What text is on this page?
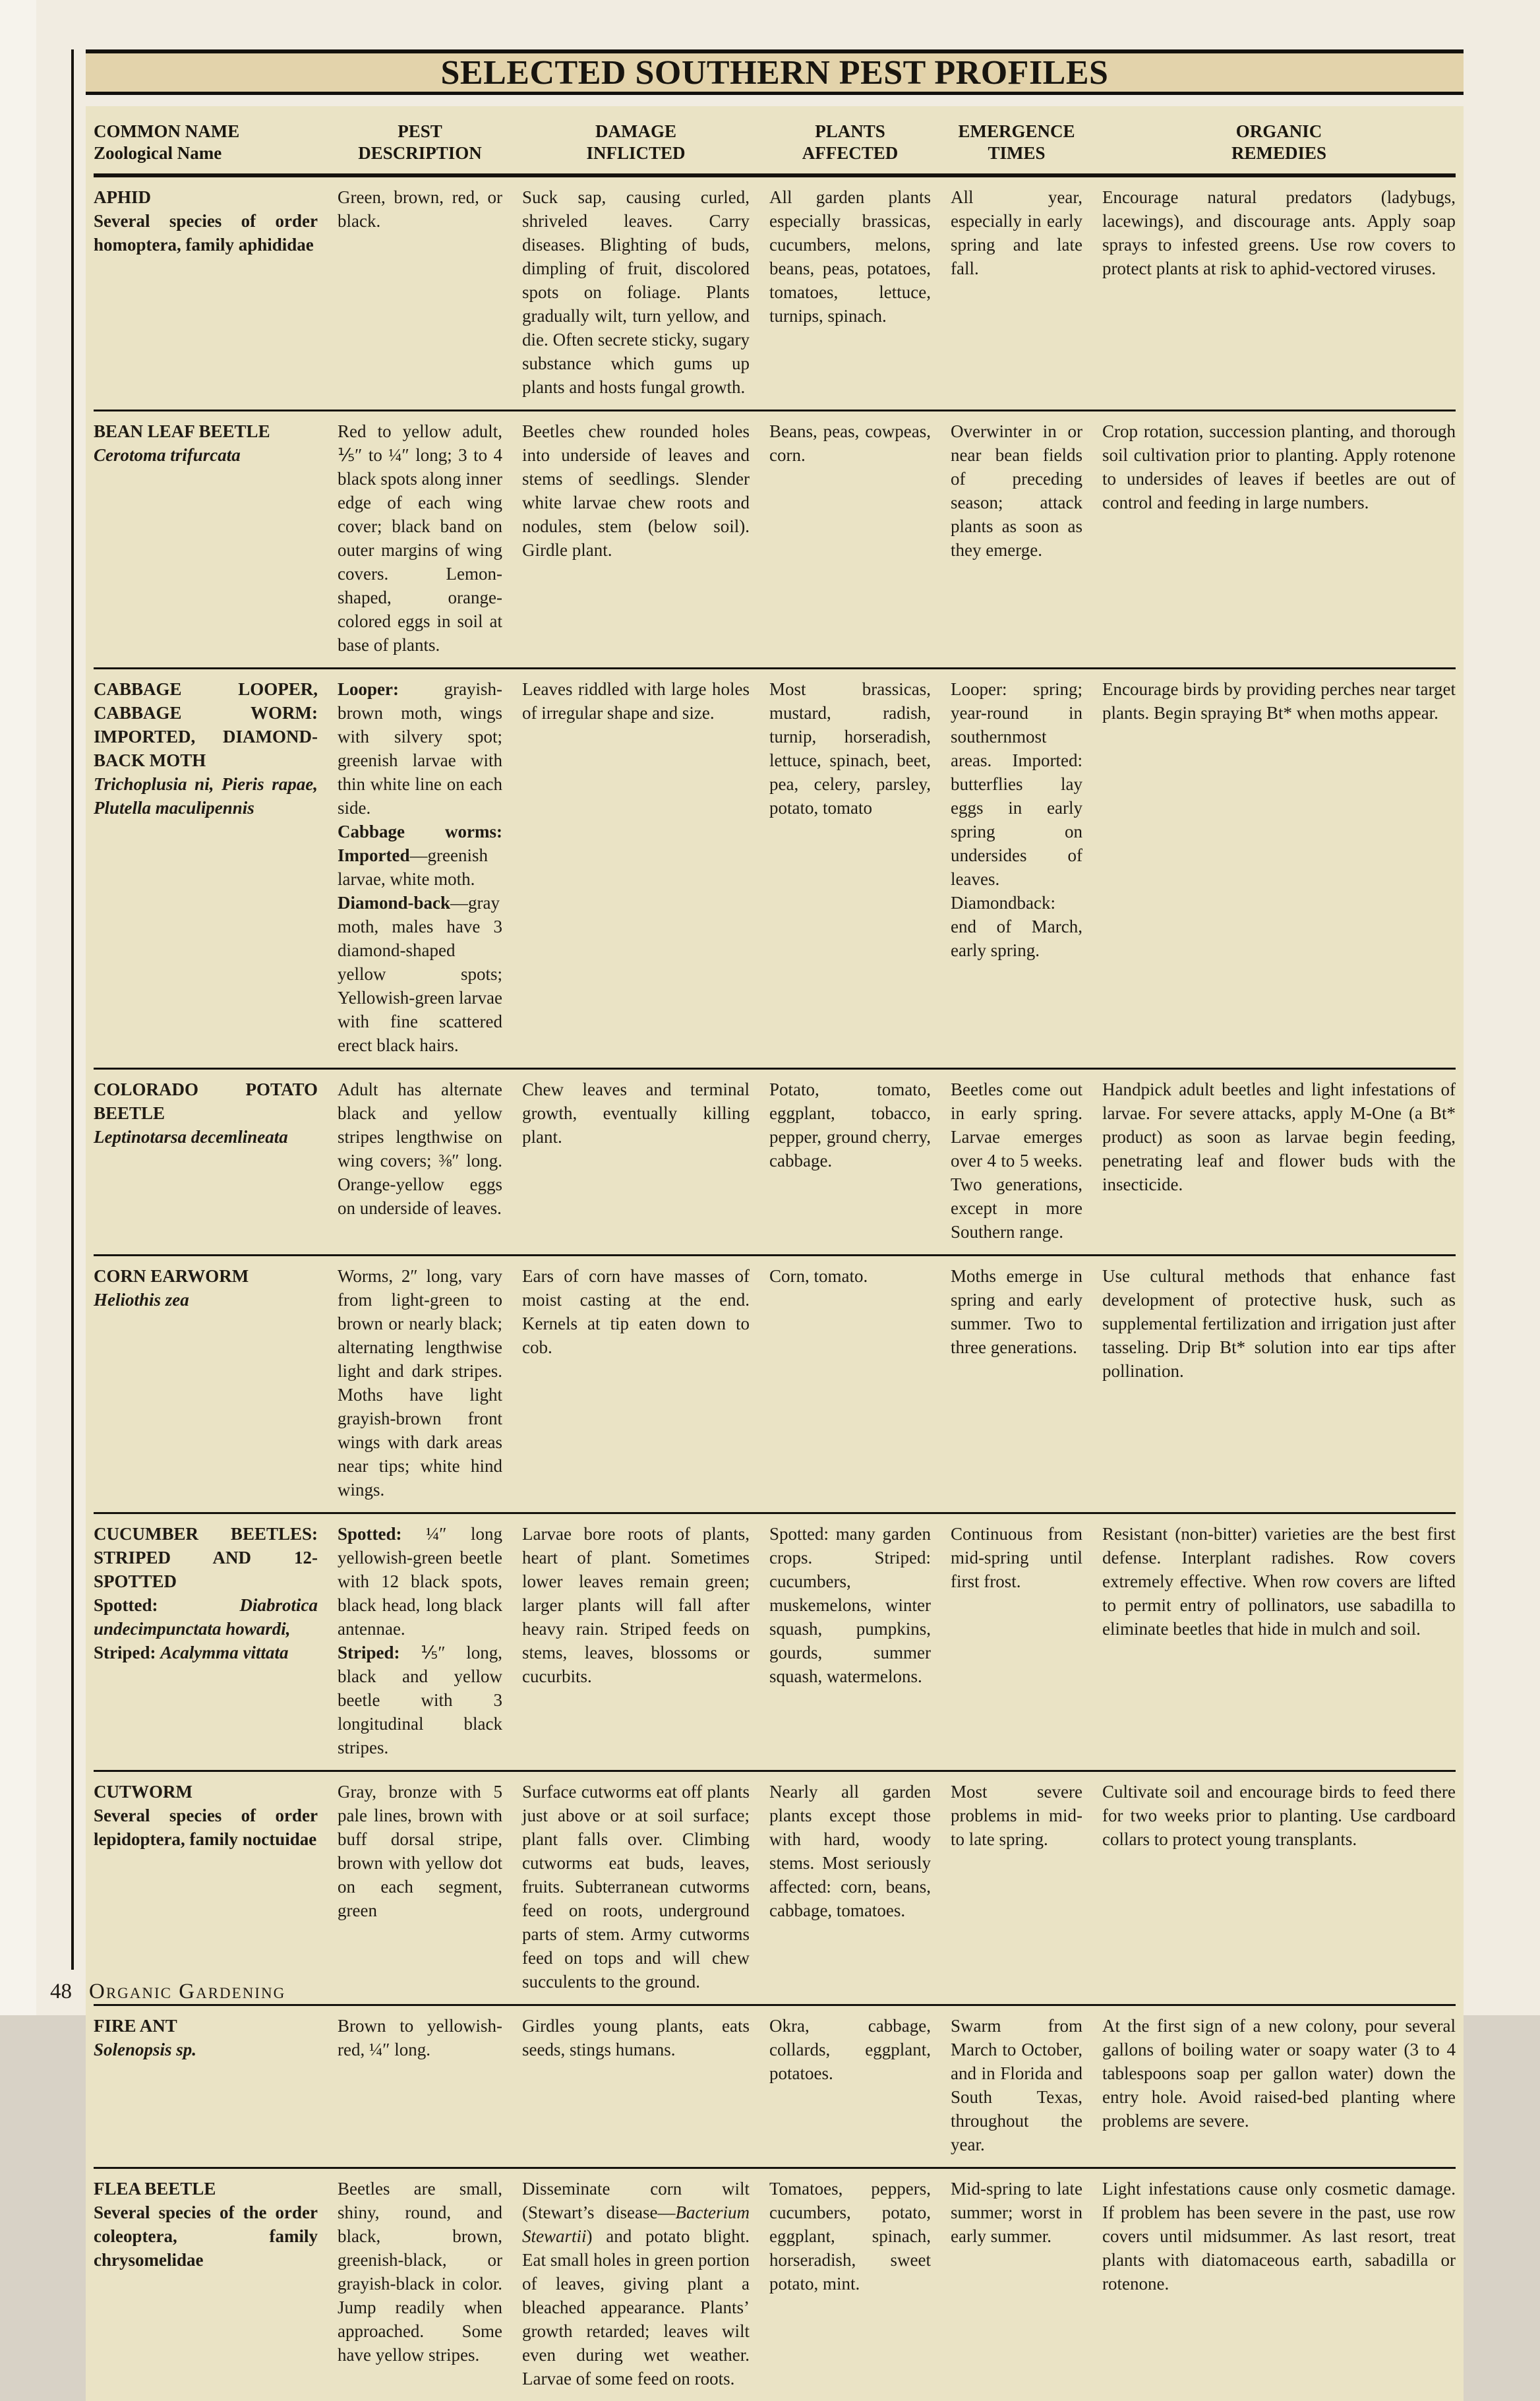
SELECTED SOUTHERN PEST PROFILES
COMMON NAME
Zoological Name
PEST
DESCRIPTION
DAMAGE
INFLICTED
PLANTS
AFFECTED
EMERGENCE
TIMES
ORGANIC
REMEDIES
APHID
Several species of order homoptera, family aphididae
Green, brown, red, or black.
Suck sap, causing curled, shriveled leaves. Carry diseases. Blighting of buds, dimpling of fruit, discolored spots on foliage. Plants gradually wilt, turn yellow, and die. Often secrete sticky, sugary substance which gums up plants and hosts fungal growth.
All garden plants especially brassicas, cucumbers, melons, beans, peas, potatoes, tomatoes, lettuce, turnips, spinach.
All year, especially in early spring and late fall.
Encourage natural predators (ladybugs, lacewings), and discourage ants. Apply soap sprays to infested greens. Use row covers to protect plants at risk to aphid-vectored viruses.
BEAN LEAF BEETLE
Cerotoma trifurcata
Red to yellow adult, ⅕″ to ¼″ long; 3 to 4 black spots along inner edge of each wing cover; black band on outer margins of wing covers. Lemon-shaped, orange-colored eggs in soil at base of plants.
Beetles chew rounded holes into underside of leaves and stems of seedlings. Slender white larvae chew roots and nodules, stem (below soil). Girdle plant.
Beans, peas, cowpeas, corn.
Overwinter in or near bean fields of preceding season; attack plants as soon as they emerge.
Crop rotation, succession planting, and thorough soil cultivation prior to planting. Apply rotenone to undersides of leaves if beetles are out of control and feeding in large numbers.
CABBAGE LOOPER, CABBAGE WORM: IMPORTED, DIAMOND-BACK MOTH
Trichoplusia ni, Pieris rapae, Plutella maculipennis
Looper: grayish-brown moth, wings with silvery spot; greenish larvae with thin white line on each side.
Cabbage worms: Imported—greenish larvae, white moth.
Diamond-back—gray moth, males have 3 diamond-shaped yellow spots; Yellowish-green larvae with fine scattered erect black hairs.
Leaves riddled with large holes of irregular shape and size.
Most brassicas, mustard, radish, turnip, horseradish, lettuce, spinach, beet, pea, celery, parsley, potato, tomato
Looper: spring; year-round in southernmost areas. Imported: butterflies lay eggs in early spring on undersides of leaves. Diamondback: end of March, early spring.
Encourage birds by providing perches near target plants. Begin spraying Bt* when moths appear.
COLORADO POTATO BEETLE
Leptinotarsa decemlineata
Adult has alternate black and yellow stripes lengthwise on wing covers; ⅜″ long. Orange-yellow eggs on underside of leaves.
Chew leaves and terminal growth, eventually killing plant.
Potato, tomato, eggplant, tobacco, pepper, ground cherry, cabbage.
Beetles come out in early spring. Larvae emerges over 4 to 5 weeks. Two generations, except in more Southern range.
Handpick adult beetles and light infestations of larvae. For severe attacks, apply M-One (a Bt* product) as soon as larvae begin feeding, penetrating leaf and flower buds with the insecticide.
CORN EARWORM
Heliothis zea
Worms, 2″ long, vary from light-green to brown or nearly black; alternating lengthwise light and dark stripes. Moths have light grayish-brown front wings with dark areas near tips; white hind wings.
Ears of corn have masses of moist casting at the end. Kernels at tip eaten down to cob.
Corn, tomato.	Moths emerge in spring and early summer. Two to three generations.
Use cultural methods that enhance fast development of protective husk, such as supplemental fertilization and irrigation just after tasseling. Drip Bt* solution into ear tips after pollination.
CUCUMBER BEETLES: STRIPED AND 12-SPOTTED
Spotted: Diabrotica undecimpunctata howardi,
Striped: Acalymma vittata
Spotted: ¼″ long yellowish-green beetle with 12 black spots, black head, long black antennae.
Striped: ⅕″ long, black and yellow beetle with 3 longitudinal black stripes.
Larvae bore roots of plants, heart of plant. Sometimes lower leaves remain green; larger plants will fall after heavy rain. Striped feeds on stems, leaves, blossoms or cucurbits.
Spotted: many garden crops. Striped: cucumbers, muskemelons, winter squash, pumpkins, gourds, summer squash, watermelons.
Continuous from mid-spring until first frost.
Resistant (non-bitter) varieties are the best first defense. Interplant radishes. Row covers extremely effective. When row covers are lifted to permit entry of pollinators, use sabadilla to eliminate beetles that hide in mulch and soil.
CUTWORM
Several species of order lepidoptera, family noctuidae
Gray, bronze with 5 pale lines, brown with buff dorsal stripe, brown with yellow dot on each segment, green
Surface cutworms eat off plants just above or at soil surface; plant falls over. Climbing cutworms eat buds, leaves, fruits. Subterranean cutworms feed on roots, underground parts of stem. Army cutworms feed on tops and will chew succulents to the ground.
Nearly all garden plants except those with hard, woody stems. Most seriously affected: corn, beans, cabbage, tomatoes.
Most severe problems in mid- to late spring.
Cultivate soil and encourage birds to feed there for two weeks prior to planting. Use cardboard collars to protect young transplants.
FIRE ANT
Solenopsis sp.
Brown to yellowish-red, ¼″ long.
Girdles young plants, eats seeds, stings humans.
Okra, cabbage, collards, eggplant, potatoes.
Swarm from March to October, and in Florida and South Texas, throughout the year.
At the first sign of a new colony, pour several gallons of boiling water or soapy water (3 to 4 tablespoons soap per gallon water) down the entry hole. Avoid raised-bed planting where problems are severe.
FLEA BEETLE
Several species of the order coleoptera, family chrysomelidae
Beetles are small, shiny, round, and black, brown, greenish-black, or grayish-black in color. Jump readily when approached. Some have yellow stripes.
Disseminate corn wilt (Stewart’s disease—Bacterium Stewartii) and potato blight. Eat small holes in green portion of leaves, giving plant a bleached appearance. Plants’ growth retarded; leaves wilt even during wet weather. Larvae of some feed on roots.
Tomatoes, peppers, cucumbers, potato, eggplant, spinach, horseradish, sweet potato, mint.
Mid-spring to late summer; worst in early summer.
Light infestations cause only cosmetic damage. If problem has been severe in the past, use row covers until midsummer. As last resort, treat plants with diatomaceous earth, sabadilla or rotenone.
48 Organic Gardening
